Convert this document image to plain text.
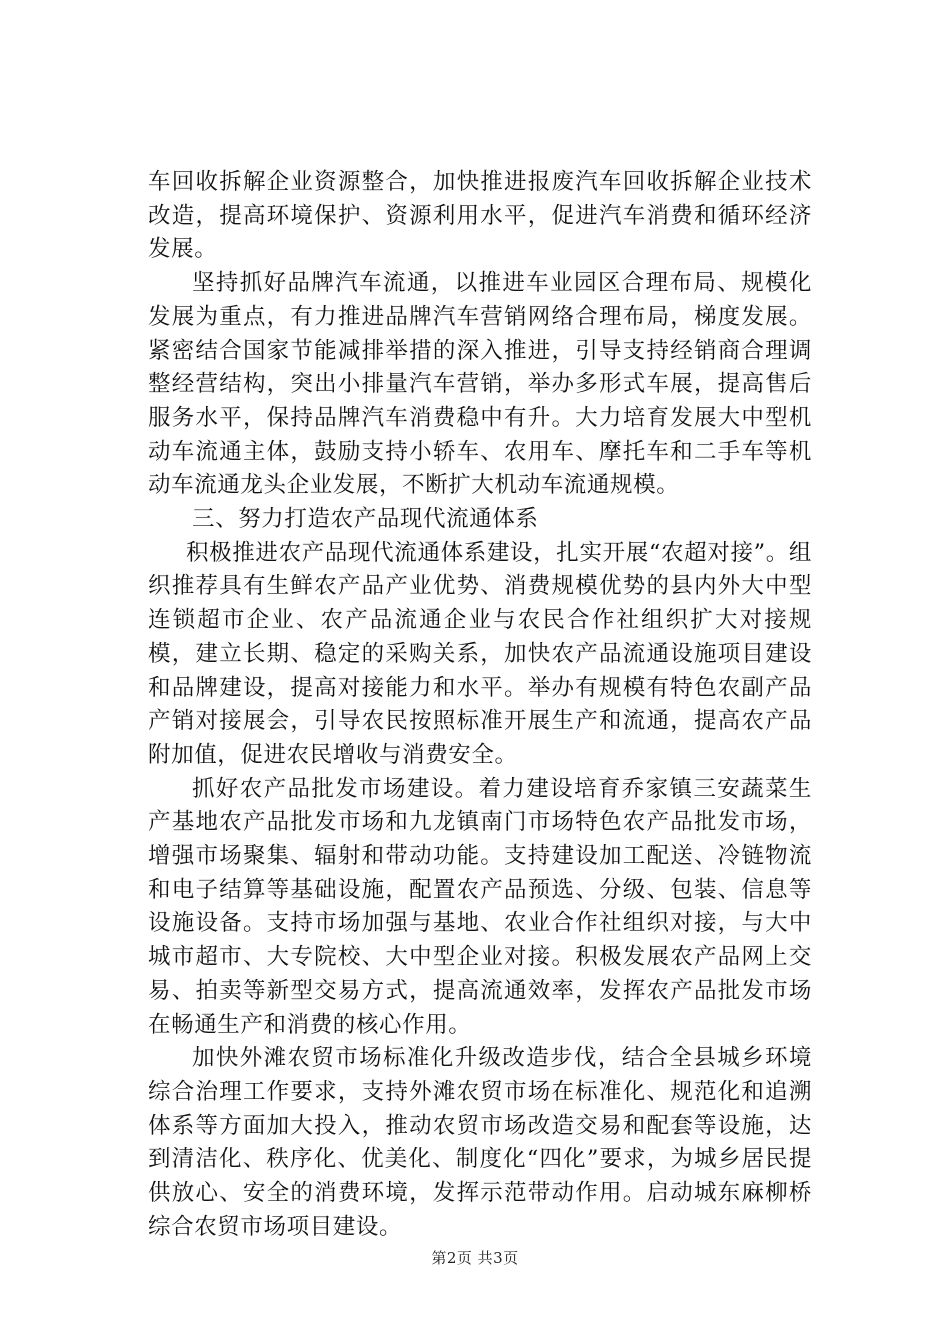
车回收拆解企业资源整合，加快推进报废汽车回收拆解企业技术改造，提高环境保护、资源利用水平，促进汽车消费和循环经济发展。

坚持抓好品牌汽车流通，以推进车业园区合理布局、规模化发展为重点，有力推进品牌汽车营销网络合理布局，梯度发展。紧密结合国家节能减排举措的深入推进，引导支持经销商合理调整经营结构，突出小排量汽车营销，举办多形式车展，提高售后服务水平，保持品牌汽车消费稳中有升。大力培育发展大中型机动车流通主体，鼓励支持小轿车、农用车、摩托车和二手车等机动车流通龙头企业发展，不断扩大机动车流通规模。

三、努力打造农产品现代流通体系

积极推进农产品现代流通体系建设，扎实开展“农超对接”。组织推荐具有生鲜农产品产业优势、消费规模优势的县内外大中型连锁超市企业、农产品流通企业与农民合作社组织扩大对接规模，建立长期、稳定的采购关系，加快农产品流通设施项目建设和品牌建设，提高对接能力和水平。举办有规模有特色农副产品产销对接展会，引导农民按照标准开展生产和流通，提高农产品附加值，促进农民增收与消费安全。

抓好农产品批发市场建设。着力建设培育乔家镇三安蔬菜生产基地农产品批发市场和九龙镇南门市场特色农产品批发市场，增强市场聚集、辐射和带动功能。支持建设加工配送、冷链物流和电子结算等基础设施，配置农产品预选、分级、包装、信息等设施设备。支持市场加强与基地、农业合作社组织对接，与大中城市超市、大专院校、大中型企业对接。积极发展农产品网上交易、拍卖等新型交易方式，提高流通效率，发挥农产品批发市场在畅通生产和消费的核心作用。

加快外滩农贸市场标准化升级改造步伐，结合全县城乡环境综合治理工作要求，支持外滩农贸市场在标准化、规范化和追溯体系等方面加大投入，推动农贸市场改造交易和配套等设施，达到清洁化、秩序化、优美化、制度化“四化”要求，为城乡居民提供放心、安全的消费环境，发挥示范带动作用。启动城东麻柳桥综合农贸市场项目建设。

第2页 共3页
